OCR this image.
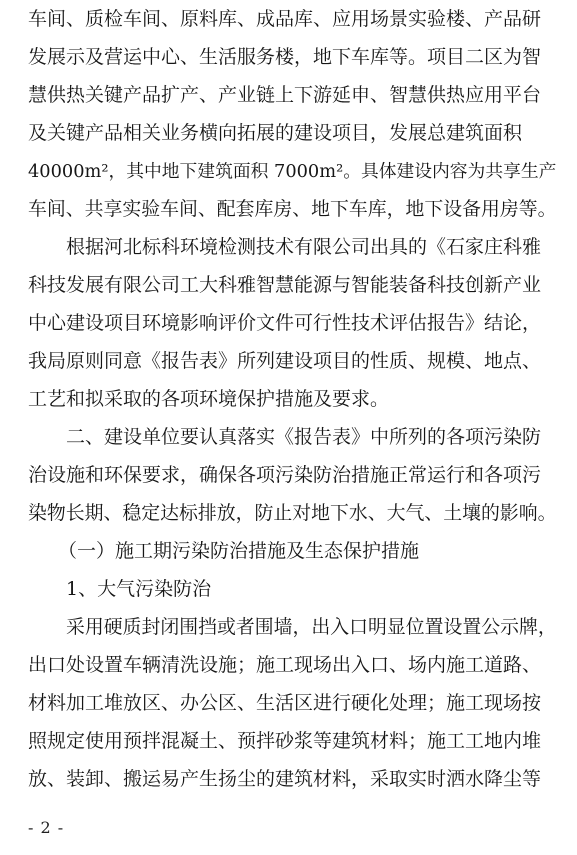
车间、质检车间、原料库、成品库、应用场景实验楼、产品研
发展示及营运中心、生活服务楼，地下车库等。项目二区为智
慧供热关键产品扩产、产业链上下游延申、智慧供热应用平台
及关键产品相关业务横向拓展的建设项目，发展总建筑面积
40000m²，其中地下建筑面积 7000m²。具体建设内容为共享生产
车间、共享实验车间、配套库房、地下车库，地下设备用房等。
根据河北标科环境检测技术有限公司出具的《石家庄科雅
科技发展有限公司工大科雅智慧能源与智能装备科技创新产业
中心建设项目环境影响评价文件可行性技术评估报告》结论，
我局原则同意《报告表》所列建设项目的性质、规模、地点、
工艺和拟采取的各项环境保护措施及要求。
二、建设单位要认真落实《报告表》中所列的各项污染防
治设施和环保要求，确保各项污染防治措施正常运行和各项污
染物长期、稳定达标排放，防止对地下水、大气、土壤的影响。
（一）施工期污染防治措施及生态保护措施
1、大气污染防治
采用硬质封闭围挡或者围墙，出入口明显位置设置公示牌，
出口处设置车辆清洗设施；施工现场出入口、场内施工道路、
材料加工堆放区、办公区、生活区进行硬化处理；施工现场按
照规定使用预拌混凝土、预拌砂浆等建筑材料；施工工地内堆
放、装卸、搬运易产生扬尘的建筑材料，采取实时洒水降尘等
- 2 -
